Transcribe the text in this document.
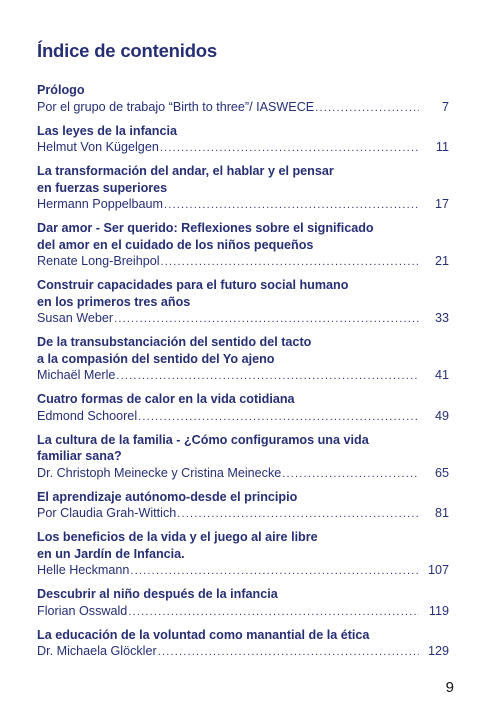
Índice de contenidos
Prólogo
Por el grupo de trabajo “Birth to three”/ IASWECE .....	7
Las leyes de la infancia
Helmut Von Kügelgen .....	11
La transformación del andar, el hablar y el pensar
en fuerzas superiores
Hermann Poppelbaum .....	17
Dar amor - Ser querido: Reflexiones sobre el significado
del amor en el cuidado de los niños pequeños
Renate Long-Breihpol .....	21
Construir capacidades para el futuro social humano
en los primeros tres años
Susan Weber .....	33
De la transubstanciación del sentido del tacto
a la compasión del sentido del Yo ajeno
Michaël Merle .....	41
Cuatro formas de calor en la vida cotidiana
Edmond Schoorel .....	49
La cultura de la familia - ¿Cómo configuramos una vida
familiar sana?
Dr. Christoph Meinecke y Cristina Meinecke .....	65
El aprendizaje autónomo-desde el principio
Por Claudia Grah-Wittich .....	81
Los beneficios de la vida y el juego al aire libre
en un Jardín de Infancia.
Helle Heckmann .....	107
Descubrir al niño después de la infancia
Florian Osswald .....	119
La educación de la voluntad como manantial de la ética
Dr. Michaela Glöckler .....	129
9
